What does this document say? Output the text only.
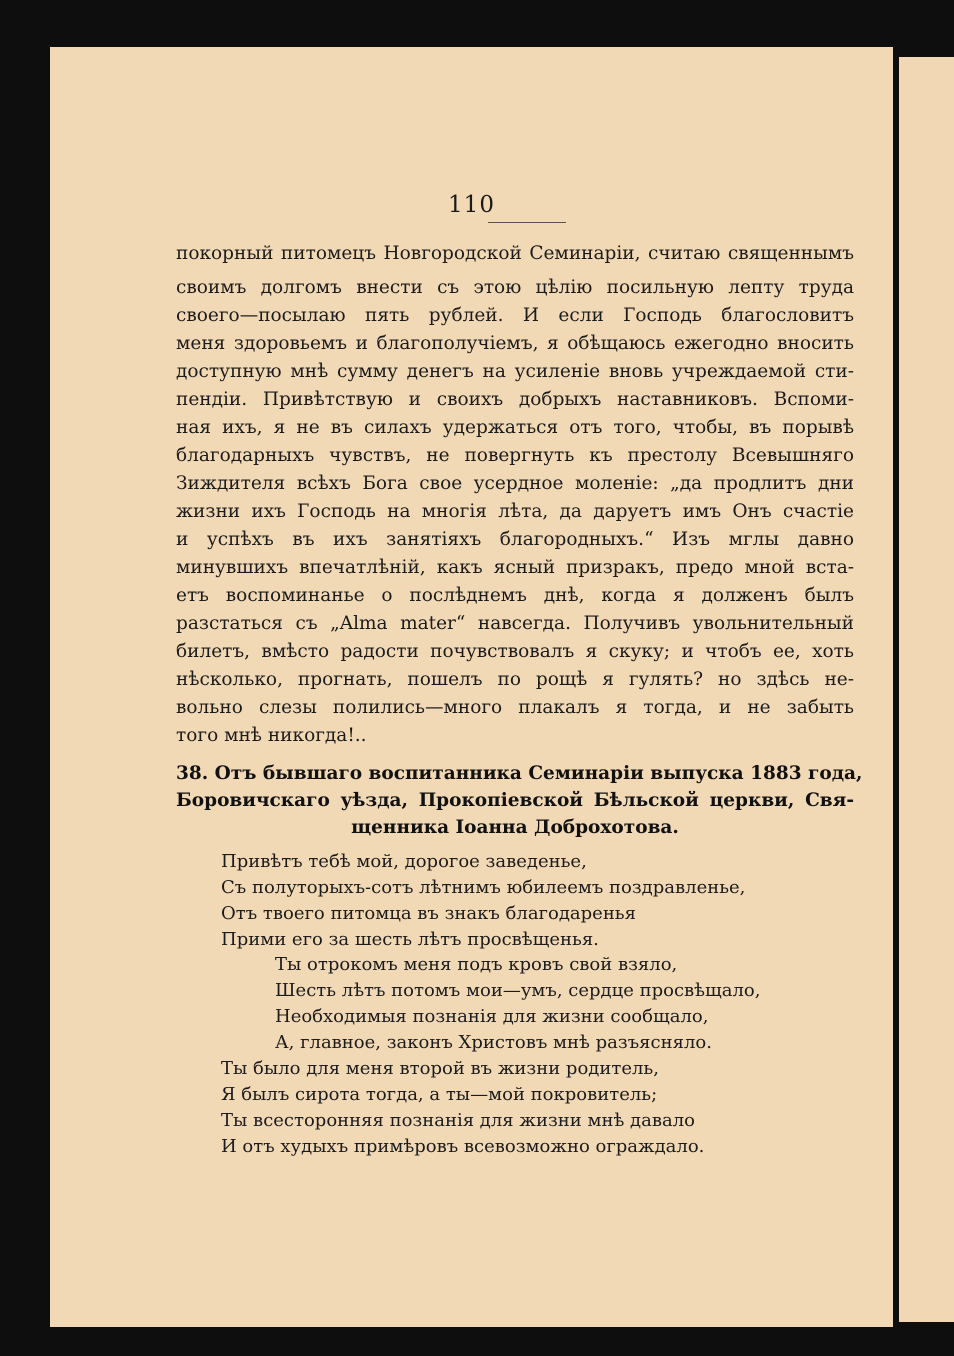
110
покорный питомецъ Новгородской Семинаріи, считаю священнымъ
своимъ долгомъ внести съ этою цѣлію посильную лепту труда
своего—посылаю пять рублей. И если Господь благословитъ
меня здоровьемъ и благополучіемъ, я обѣщаюсь ежегодно вносить
доступную мнѣ сумму денегъ на усиленіе вновь учреждаемой сти-
пендіи. Привѣтствую и своихъ добрыхъ наставниковъ. Вспоми-
ная ихъ, я не въ силахъ удержаться отъ того, чтобы, въ порывѣ
благодарныхъ чувствъ, не повергнуть къ престолу Всевышняго
Зиждителя всѣхъ Бога свое усердное моленіе: „да продлитъ дни
жизни ихъ Господь на многія лѣта, да даруетъ имъ Онъ счастіе
и успѣхъ въ ихъ занятіяхъ благородныхъ.“ Изъ мглы давно
минувшихъ впечатлѣній, какъ ясный призракъ, предо мной вста-
етъ воспоминанье о послѣднемъ днѣ, когда я долженъ былъ
разстаться съ „Alma mater“ навсегда. Получивъ увольнительный
билетъ, вмѣсто радости почувствовалъ я скуку; и чтобъ ее, хоть
нѣсколько, прогнать, пошелъ по рощѣ я гулять? но здѣсь не-
вольно слезы полились—много плакалъ я тогда, и не забыть
того мнѣ никогда!..
38. Отъ бывшаго воспитанника Семинаріи выпуска 1883 года,
Боровичскаго уѣзда, Прокопіевской Бѣльской церкви, Свя-
щенника Іоанна Доброхотова.
Привѣтъ тебѣ мой, дорогое заведенье,
Съ полуторыхъ-сотъ лѣтнимъ юбилеемъ поздравленье,
Отъ твоего питомца въ знакъ благодаренья
Прими его за шесть лѣтъ просвѣщенья.
Ты отрокомъ меня подъ кровъ свой взяло,
Шесть лѣтъ потомъ мои—умъ, сердце просвѣщало,
Необходимыя познанія для жизни сообщало,
А, главное, законъ Христовъ мнѣ разъясняло.
Ты было для меня второй въ жизни родитель,
Я былъ сирота тогда, а ты—мой покровитель;
Ты всесторонняя познанія для жизни мнѣ давало
И отъ худыхъ примѣровъ всевозможно ограждало.
